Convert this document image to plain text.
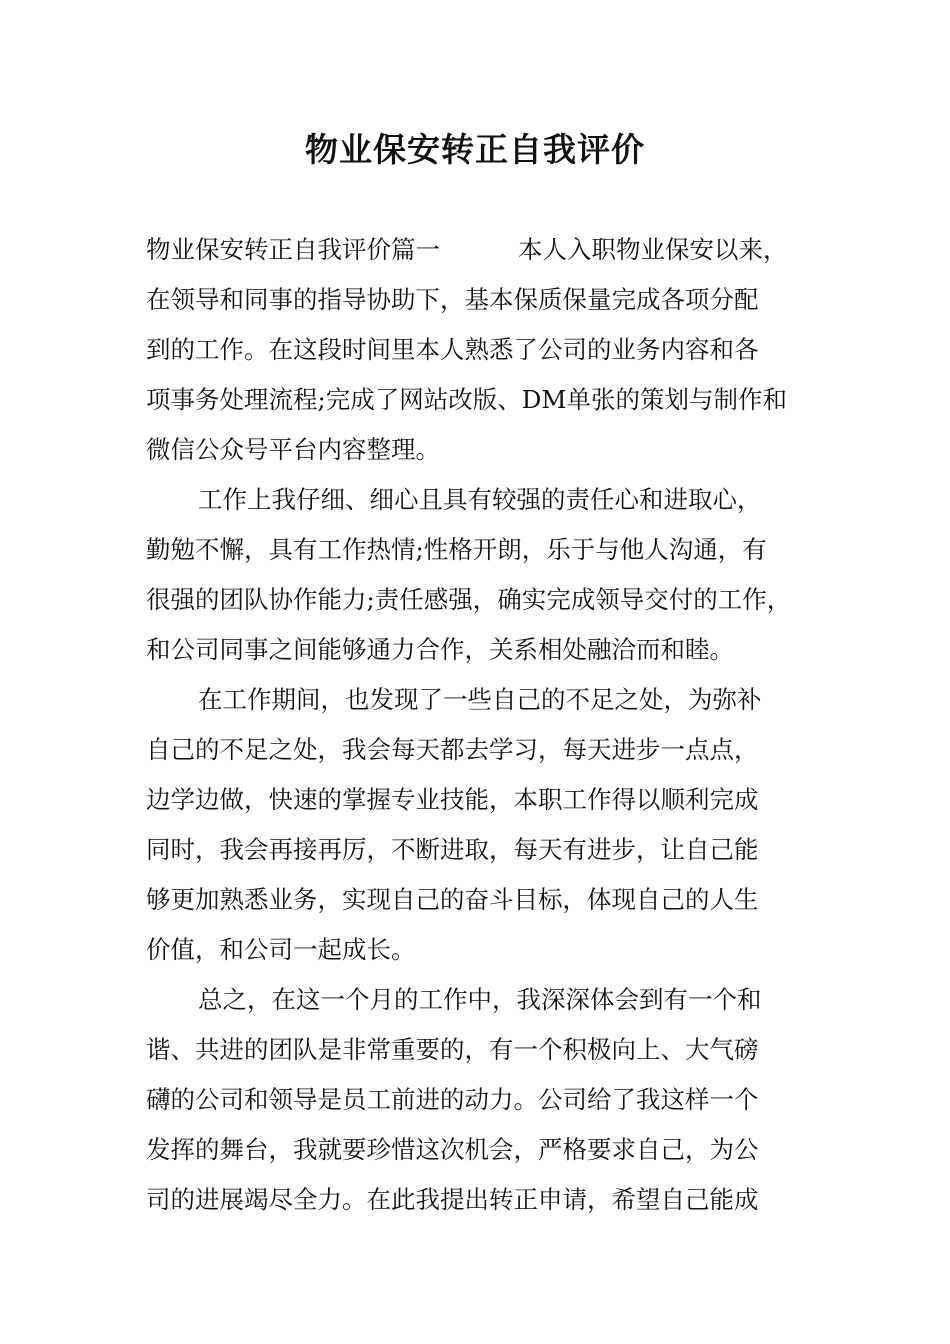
物业保安转正自我评价
物业保安转正自我评价篇一	本人入职物业保安以来，
在领导和同事的指导协助下，基本保质保量完成各项分配
到的工作。在这段时间里本人熟悉了公司的业务内容和各
项事务处理流程;完成了网站改版、DM单张的策划与制作和
微信公众号平台内容整理。
工作上我仔细、细心且具有较强的责任心和进取心，
勤勉不懈，具有工作热情;性格开朗，乐于与他人沟通，有
很强的团队协作能力;责任感强，确实完成领导交付的工作，
和公司同事之间能够通力合作，关系相处融洽而和睦。
在工作期间，也发现了一些自己的不足之处，为弥补
自己的不足之处，我会每天都去学习，每天进步一点点，
边学边做，快速的掌握专业技能，本职工作得以顺利完成
同时，我会再接再厉，不断进取，每天有进步，让自己能
够更加熟悉业务，实现自己的奋斗目标，体现自己的人生
价值，和公司一起成长。
总之，在这一个月的工作中，我深深体会到有一个和
谐、共进的团队是非常重要的，有一个积极向上、大气磅
礴的公司和领导是员工前进的动力。公司给了我这样一个
发挥的舞台，我就要珍惜这次机会，严格要求自己，为公
司的进展竭尽全力。在此我提出转正申请，希望自己能成
